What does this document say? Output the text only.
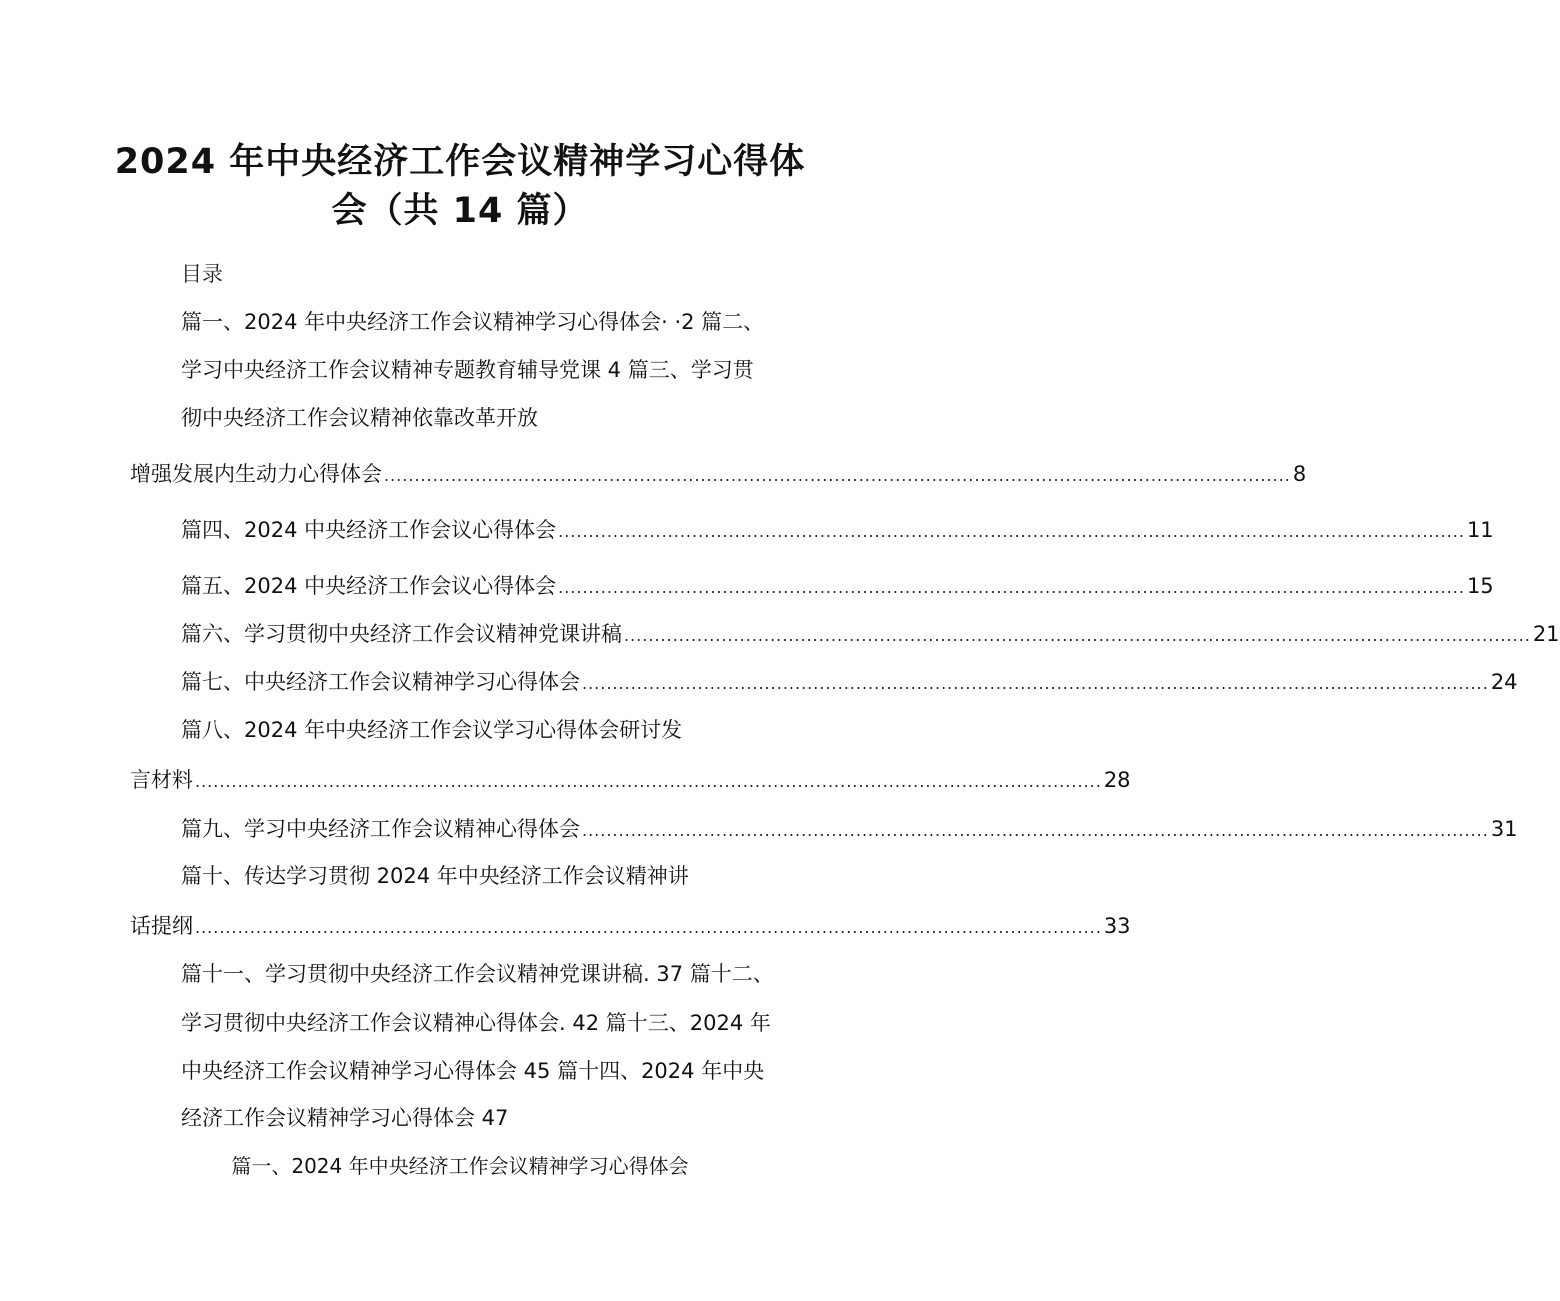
2024 年中央经济工作会议精神学习心得体
会（共 14 篇）
目录
篇一、2024 年中央经济工作会议精神学习心得体会· ·2 篇二、
学习中央经济工作会议精神专题教育辅导党课 4 篇三、学习贯
彻中央经济工作会议精神依靠改革开放
增强发展内生动力心得体会 ..................................................................................................................................................... 8
篇四、2024 中央经济工作会议心得体会 ..................................................................................................................................................... 11
篇五、2024 中央经济工作会议心得体会 ..................................................................................................................................................... 15
篇六、学习贯彻中央经济工作会议精神党课讲稿 ..................................................................................................................................................... 21
篇七、中央经济工作会议精神学习心得体会 ..................................................................................................................................................... 24
篇八、2024 年中央经济工作会议学习心得体会研讨发
言材料 ..................................................................................................................................................... 28
篇九、学习中央经济工作会议精神心得体会 ..................................................................................................................................................... 31
篇十、传达学习贯彻 2024 年中央经济工作会议精神讲
话提纲 ..................................................................................................................................................... 33
篇十一、学习贯彻中央经济工作会议精神党课讲稿. 37 篇十二、
学习贯彻中央经济工作会议精神心得体会. 42 篇十三、2024 年
中央经济工作会议精神学习心得体会 45 篇十四、2024 年中央
经济工作会议精神学习心得体会 47
篇一、2024 年中央经济工作会议精神学习心得体会
